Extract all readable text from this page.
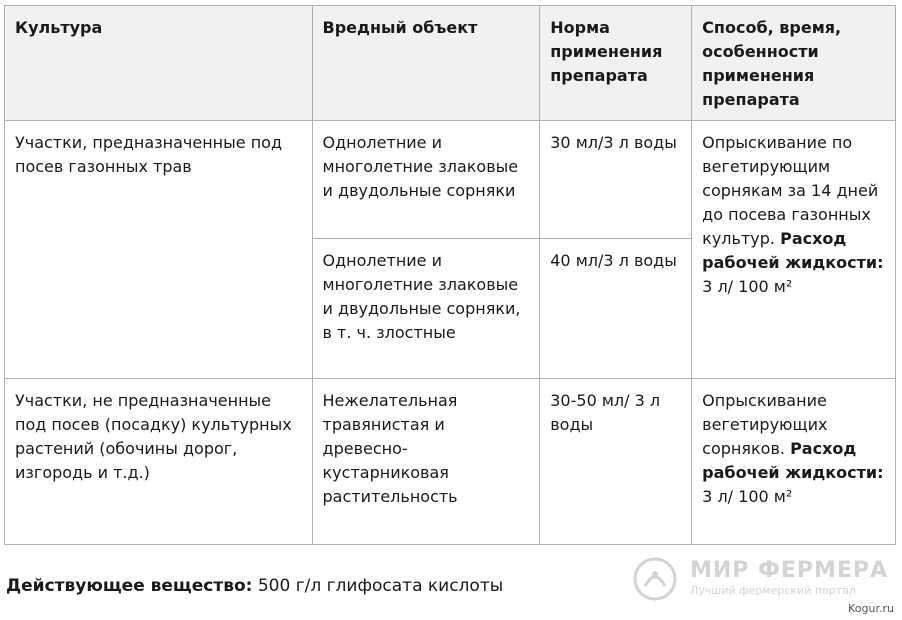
Культура	Вредный объект	Норма применения препарата	Способ, время, особенности применения препарата
Участки, предназначенные под посев газонных трав	Однолетние и многолетние злаковые и двудольные сорняки	30 мл/3 л воды	Опрыскивание по вегетирующим сорнякам за 14 дней до посева газонных культур. Расход рабочей жидкости: 3 л/ 100 м²
	Однолетние и многолетние злаковые и двудольные сорняки, в т. ч. злостные	40 мл/3 л воды	
Участки, не предназначенные под посев (посадку) культурных растений (обочины дорог, изгородь и т.д.)	Нежелательная травянистая и древесно-кустарниковая растительность	30-50 мл/ 3 л воды	Опрыскивание вегетирующих сорняков. Расход рабочей жидкости: 3 л/ 100 м²
Действующее вещество: 500 г/л глифосата кислоты
МИР ФЕРМЕРА
Лучший фермерский портал
Kogur.ru
